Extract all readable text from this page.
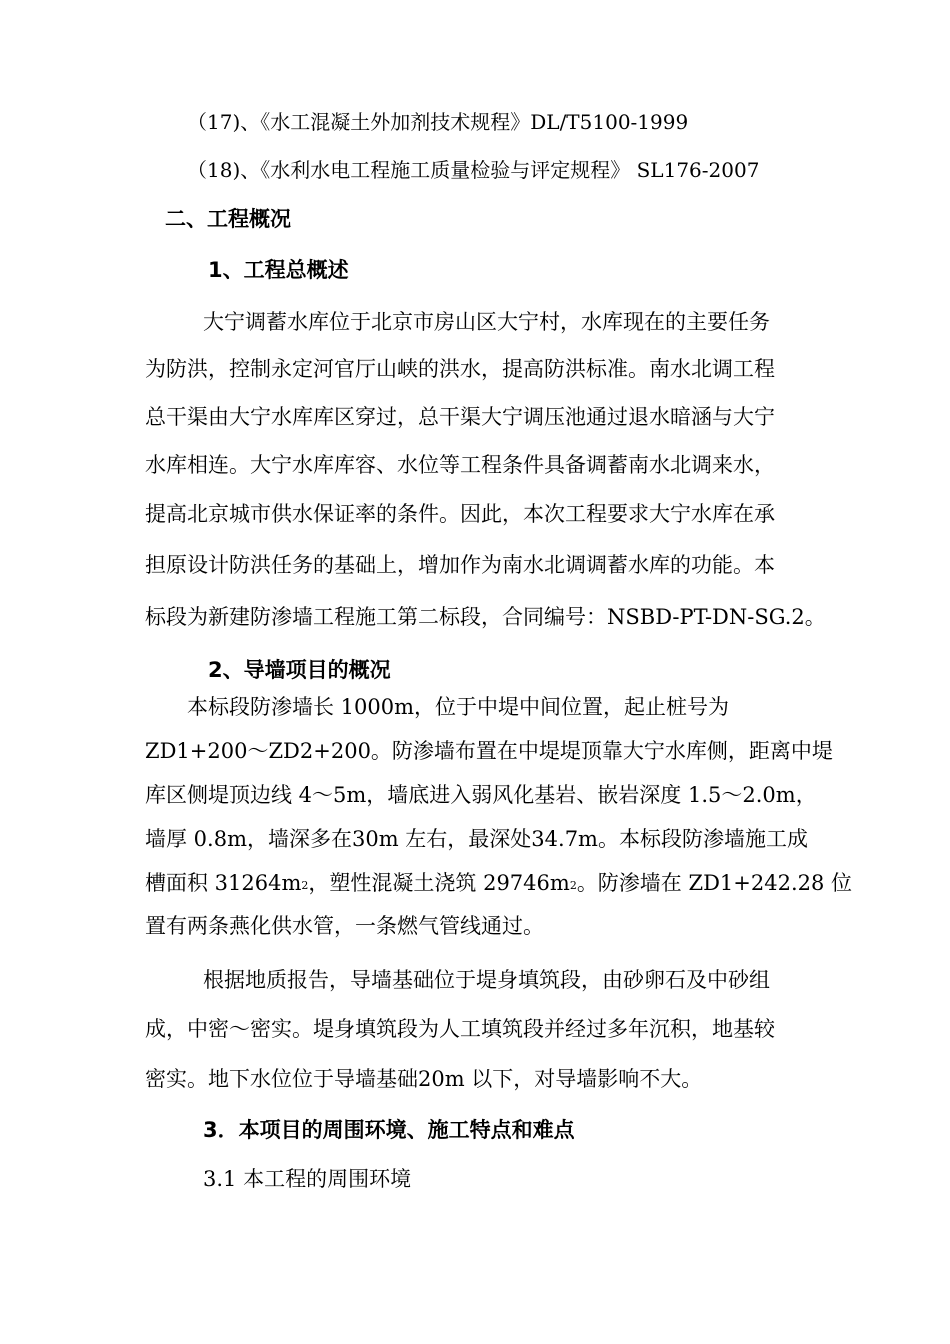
（17)、《水工混凝土外加剂技术规程》DL/T5100-1999
（18)、《水利水电工程施工质量检验与评定规程》 SL176-2007
二、工程概况
1、工程总概述
大宁调蓄水库位于北京市房山区大宁村，水库现在的主要任务
为防洪，控制永定河官厅山峡的洪水，提高防洪标准。南水北调工程
总干渠由大宁水库库区穿过，总干渠大宁调压池通过退水暗涵与大宁
水库相连。大宁水库库容、水位等工程条件具备调蓄南水北调来水，
提高北京城市供水保证率的条件。因此，本次工程要求大宁水库在承
担原设计防洪任务的基础上，增加作为南水北调调蓄水库的功能。本
标段为新建防渗墙工程施工第二标段，合同编号：NSBD-PT-DN-SG.2。
2、导墙项目的概况
本标段防渗墙长 1000m，位于中堤中间位置，起止桩号为
ZD1+200～ZD2+200。防渗墙布置在中堤堤顶靠大宁水库侧，距离中堤
库区侧堤顶边线 4～5m，墙底进入弱风化基岩、嵌岩深度 1.5～2.0m，
墙厚 0.8m，墙深多在30m 左右，最深处34.7m。本标段防渗墙施工成
槽面积 31264m2，塑性混凝土浇筑 29746m2。防渗墙在 ZD1+242.28 位
置有两条燕化供水管，一条燃气管线通过。
根据地质报告，导墙基础位于堤身填筑段，由砂卵石及中砂组
成，中密～密实。堤身填筑段为人工填筑段并经过多年沉积，地基较
密实。地下水位位于导墙基础20m 以下，对导墙影响不大。
3．本项目的周围环境、施工特点和难点
3.1 本工程的周围环境
